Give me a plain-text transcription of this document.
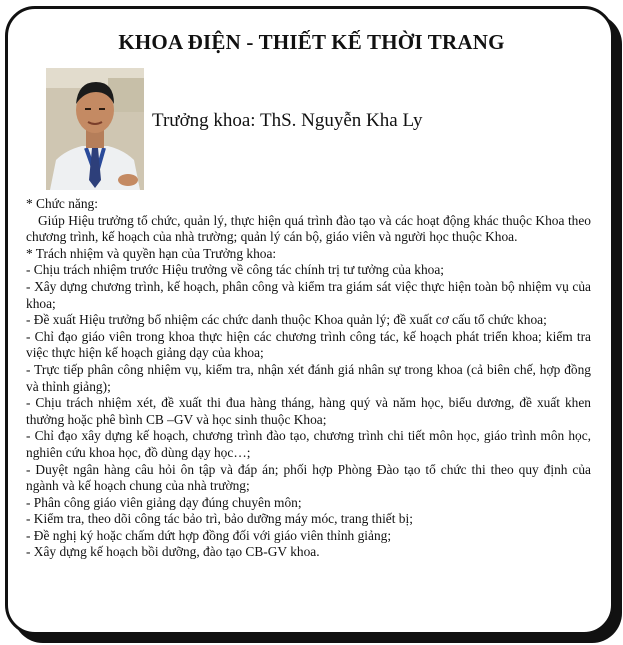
KHOA ĐIỆN - THIẾT KẾ THỜI TRANG
Trưởng khoa: ThS. Nguyễn Kha Ly

* Chức năng:

Giúp Hiệu trưởng tổ chức, quản lý, thực hiện quá trình đào tạo và các hoạt động khác thuộc Khoa theo chương trình, kế hoạch của nhà trường; quản lý cán bộ, giáo viên và người học thuộc Khoa.

* Trách nhiệm và quyền hạn của Trưởng khoa:

- Chịu trách nhiệm trước Hiệu trưởng về công tác chính trị tư tưởng của khoa;

- Xây dựng chương trình, kế hoạch, phân công và kiểm tra giám sát việc thực hiện toàn bộ nhiệm vụ của khoa;

- Đề xuất Hiệu trưởng bổ nhiệm các chức danh thuộc Khoa quản lý; đề xuất cơ cấu tổ chức khoa;

- Chỉ đạo giáo viên trong khoa thực hiện các chương trình công tác, kế hoạch phát triển khoa; kiểm tra việc thực hiện kế hoạch giảng dạy của khoa;

- Trực tiếp phân công nhiệm vụ, kiểm tra, nhận xét đánh giá nhân sự trong khoa (cả biên chế, hợp đồng và thỉnh giảng);

- Chịu trách nhiệm xét, đề xuất thi đua hàng tháng, hàng quý và năm học, biểu dương, đề xuất khen thưởng hoặc phê bình CB –GV và học sinh thuộc Khoa;

- Chỉ đạo xây dựng kế hoạch, chương trình đào tạo, chương trình chi tiết môn học, giáo trình môn học, nghiên cứu khoa học, đồ dùng dạy học…;

- Duyệt ngân hàng câu hỏi ôn tập và đáp án; phối hợp Phòng Đào tạo tổ chức thi theo quy định của ngành và kế hoạch chung của nhà trường;

- Phân công giáo viên giảng dạy đúng chuyên môn;

- Kiểm tra, theo dõi công tác bảo trì, bảo dưỡng máy móc, trang thiết bị;

- Đề nghị ký hoặc chấm dứt hợp đồng đối với giáo viên thỉnh giảng;

- Xây dựng kế hoạch bồi dưỡng, đào tạo CB-GV khoa.
